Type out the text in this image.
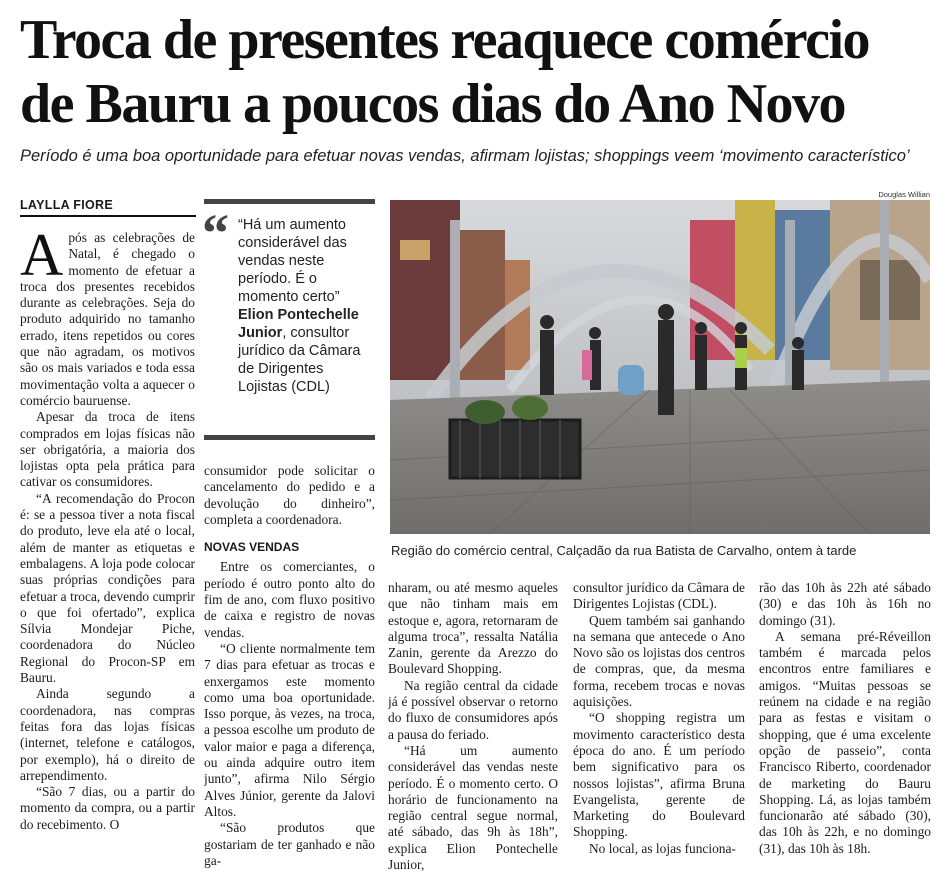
Troca de presentes reaquece comércio
de Bauru a poucos dias do Ano Novo
Período é uma boa oportunidade para efetuar novas vendas, afirmam lojistas; shoppings veem ‘movimento característico’
LAYLLA FIORE

Após as celebrações de Natal, é chegado o momento de efetuar a troca dos presentes recebidos durante as celebrações. Seja do produto adquirido no tamanho errado, itens repetidos ou cores que não agradam, os motivos são os mais variados e toda essa movimentação volta a aquecer o comércio bauruense.

Apesar da troca de itens comprados em lojas físicas não ser obrigatória, a maioria dos lojistas opta pela prática para cativar os consumidores.

“A recomendação do Procon é: se a pessoa tiver a nota fiscal do produto, leve ela até o local, além de manter as etiquetas e embalagens. A loja pode colocar suas próprias condições para efetuar a troca, devendo cumprir o que foi ofertado”, explica Sílvia Mondejar Piche, coordenadora do Núcleo Regional do Procon-SP em Bauru.

Ainda segundo a coordenadora, nas compras feitas fora das lojas físicas (internet, telefone e catálogos, por exemplo), há o direito de arrependimento.

“São 7 dias, ou a partir do momento da compra, ou a partir do recebimento. O

“ “Há um aumento considerável das vendas neste período. É o momento certo” Elion Pontechelle Junior, consultor jurídico da Câmara de Dirigentes Lojistas (CDL)

consumidor pode solicitar o cancelamento do pedido e a devolução do dinheiro”, completa a coordenadora.

NOVAS VENDAS

Entre os comerciantes, o período é outro ponto alto do fim de ano, com fluxo positivo de caixa e registro de novas vendas.

“O cliente normalmente tem 7 dias para efetuar as trocas e enxergamos este momento como uma boa oportunidade. Isso porque, às vezes, na troca, a pessoa escolhe um produto de valor maior e paga a diferença, ou ainda adquire outro item junto”, afirma Nilo Sérgio Alves Júnior, gerente da Jalovi Altos.

“São produtos que gostariam de ter ganhado e não ga-

nharam, ou até mesmo aqueles que não tinham mais em estoque e, agora, retornaram de alguma troca”, ressalta Natália Zanin, gerente da Arezzo do Boulevard Shopping.

Na região central da cidade já é possível observar o retorno do fluxo de consumidores após a pausa do feriado.

“Há um aumento considerável das vendas neste período. É o momento certo. O horário de funcionamento na região central segue normal, até sábado, das 9h às 18h”, explica Elion Pontechelle Junior,

consultor jurídico da Câmara de Dirigentes Lojistas (CDL).

Quem também sai ganhando na semana que antecede o Ano Novo são os lojistas dos centros de compras, que, da mesma forma, recebem trocas e novas aquisições.

“O shopping registra um movimento característico desta época do ano. É um período bem significativo para os nossos lojistas”, afirma Bruna Evangelista, gerente de Marketing do Boulevard Shopping.

No local, as lojas funciona-

rão das 10h às 22h até sábado (30) e das 10h às 16h no domingo (31).

A semana pré-Réveillon também é marcada pelos encontros entre familiares e amigos. “Muitas pessoas se reúnem na cidade e na região para as festas e visitam o shopping, que é uma excelente opção de passeio”, conta Francisco Riberto, coordenador de marketing do Bauru Shopping. Lá, as lojas também funcionarão até sábado (30), das 10h às 22h, e no domingo (31), das 10h às 18h.

Douglas Willian
Região do comércio central, Calçadão da rua Batista de Carvalho, ontem à tarde
